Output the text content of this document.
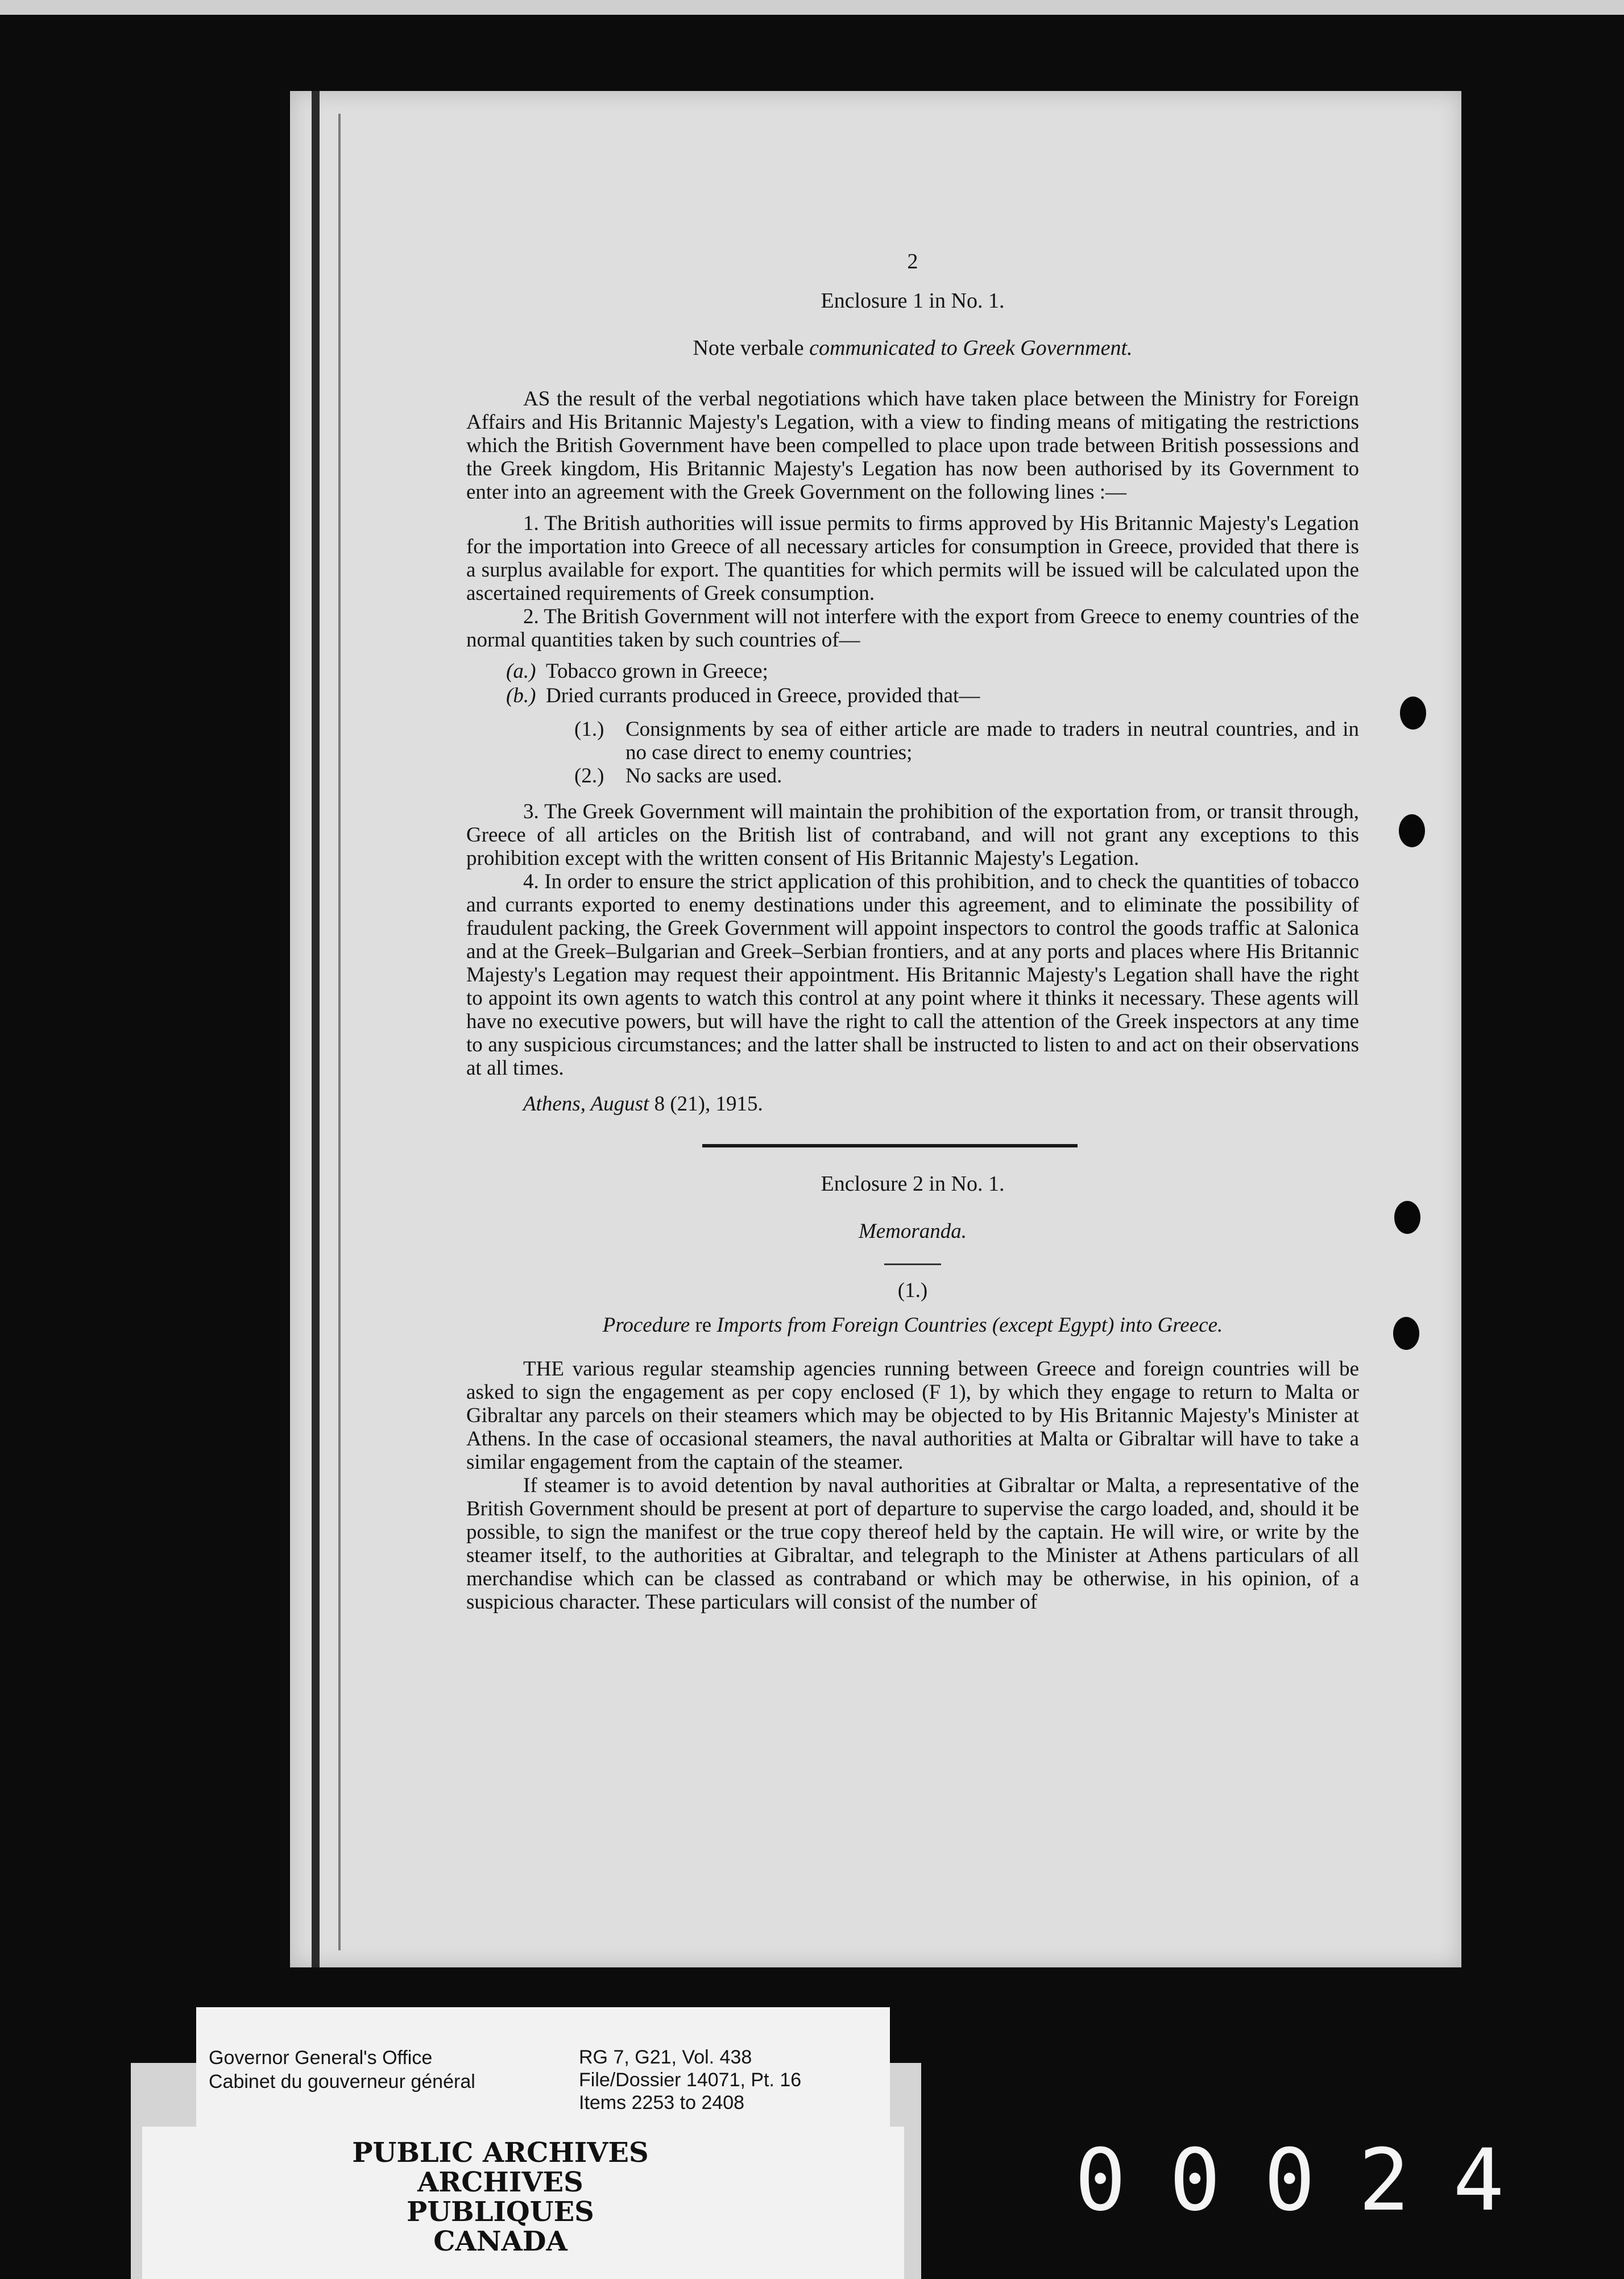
2
Enclosure 1 in No. 1.
Note verbale communicated to Greek Government.

AS the result of the verbal negotiations which have taken place between the Ministry for Foreign Affairs and His Britannic Majesty's Legation, with a view to finding means of mitigating the restrictions which the British Government have been compelled to place upon trade between British possessions and the Greek kingdom, His Britannic Majesty's Legation has now been authorised by its Government to enter into an agreement with the Greek Government on the following lines :—

1. The British authorities will issue permits to firms approved by His Britannic Majesty's Legation for the importation into Greece of all necessary articles for consumption in Greece, provided that there is a surplus available for export. The quantities for which permits will be issued will be calculated upon the ascertained requirements of Greek consumption.

2. The British Government will not interfere with the export from Greece to enemy countries of the normal quantities taken by such countries of—

(a.) Tobacco grown in Greece;
(b.) Dried currants produced in Greece, provided that—
(1.)	Consignments by sea of either article are made to traders in neutral countries, and in no case direct to enemy countries;
(2.)	No sacks are used.

3. The Greek Government will maintain the prohibition of the exportation from, or transit through, Greece of all articles on the British list of contraband, and will not grant any exceptions to this prohibition except with the written consent of His Britannic Majesty's Legation.

4. In order to ensure the strict application of this prohibition, and to check the quantities of tobacco and currants exported to enemy destinations under this agreement, and to eliminate the possibility of fraudulent packing, the Greek Government will appoint inspectors to control the goods traffic at Salonica and at the Greek–Bulgarian and Greek–Serbian frontiers, and at any ports and places where His Britannic Majesty's Legation may request their appointment. His Britannic Majesty's Legation shall have the right to appoint its own agents to watch this control at any point where it thinks it necessary. These agents will have no executive powers, but will have the right to call the attention of the Greek inspectors at any time to any suspicious circumstances; and the latter shall be instructed to listen to and act on their observations at all times.

Athens, August 8 (21), 1915.
Enclosure 2 in No. 1.
Memoranda.
(1.)
Procedure re Imports from Foreign Countries (except Egypt) into Greece.

THE various regular steamship agencies running between Greece and foreign countries will be asked to sign the engagement as per copy enclosed (F 1), by which they engage to return to Malta or Gibraltar any parcels on their steamers which may be objected to by His Britannic Majesty's Minister at Athens. In the case of occasional steamers, the naval authorities at Malta or Gibraltar will have to take a similar engagement from the captain of the steamer.

If steamer is to avoid detention by naval authorities at Gibraltar or Malta, a representative of the British Government should be present at port of departure to supervise the cargo loaded, and, should it be possible, to sign the manifest or the true copy thereof held by the captain. He will wire, or write by the steamer itself, to the authorities at Gibraltar, and telegraph to the Minister at Athens particulars of all merchandise which can be classed as contraband or which may be otherwise, in his opinion, of a suspicious character. These particulars will consist of the number of

Governor General's Office
Cabinet du gouverneur général
RG 7, G21, Vol. 438
File/Dossier 14071, Pt. 16
Items 2253 to 2408
PUBLIC ARCHIVES
ARCHIVES PUBLIQUES
CANADA
00024
